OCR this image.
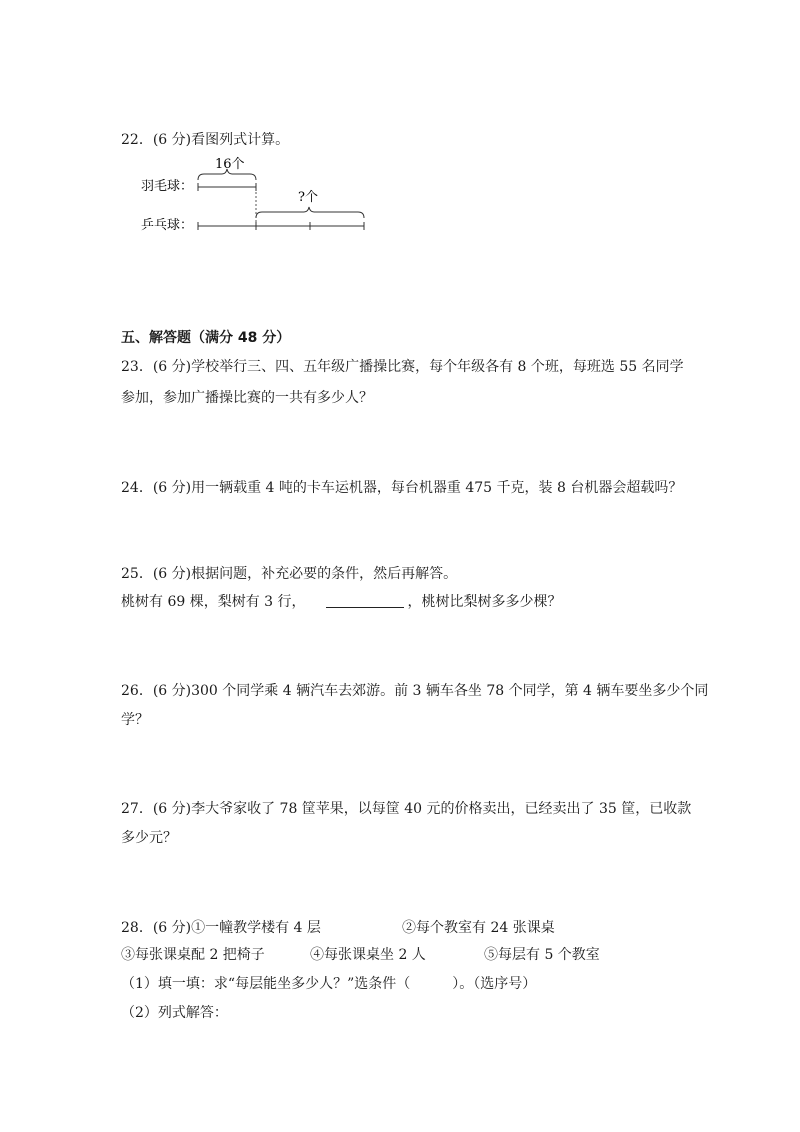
22．(6 分)看图列式计算。
羽毛球：
乒乓球：
16个
?个
五、解答题（满分 48 分）
23．(6 分)学校举行三、四、五年级广播操比赛，每个年级各有 8 个班，每班选 55 名同学
参加，参加广播操比赛的一共有多少人？
24．(6 分)用一辆载重 4 吨的卡车运机器，每台机器重 475 千克，装 8 台机器会超载吗？
25．(6 分)根据问题，补充必要的条件，然后再解答。
桃树有 69 棵，梨树有 3 行，	，桃树比梨树多多少棵？
26．(6 分)300 个同学乘 4 辆汽车去郊游。前 3 辆车各坐 78 个同学，第 4 辆车要坐多少个同
学？
27．(6 分)李大爷家收了 78 筐苹果，以每筐 40 元的价格卖出，已经卖出了 35 筐，已收款
多少元？
28．(6 分)①一幢教学楼有 4 层	②每个教室有 24 张课桌
③每张课桌配 2 把椅子	④每张课桌坐 2 人	⑤每层有 5 个教室
（1）填一填：求“每层能坐多少人？”选条件（　　　）。（选序号）
（2）列式解答：
